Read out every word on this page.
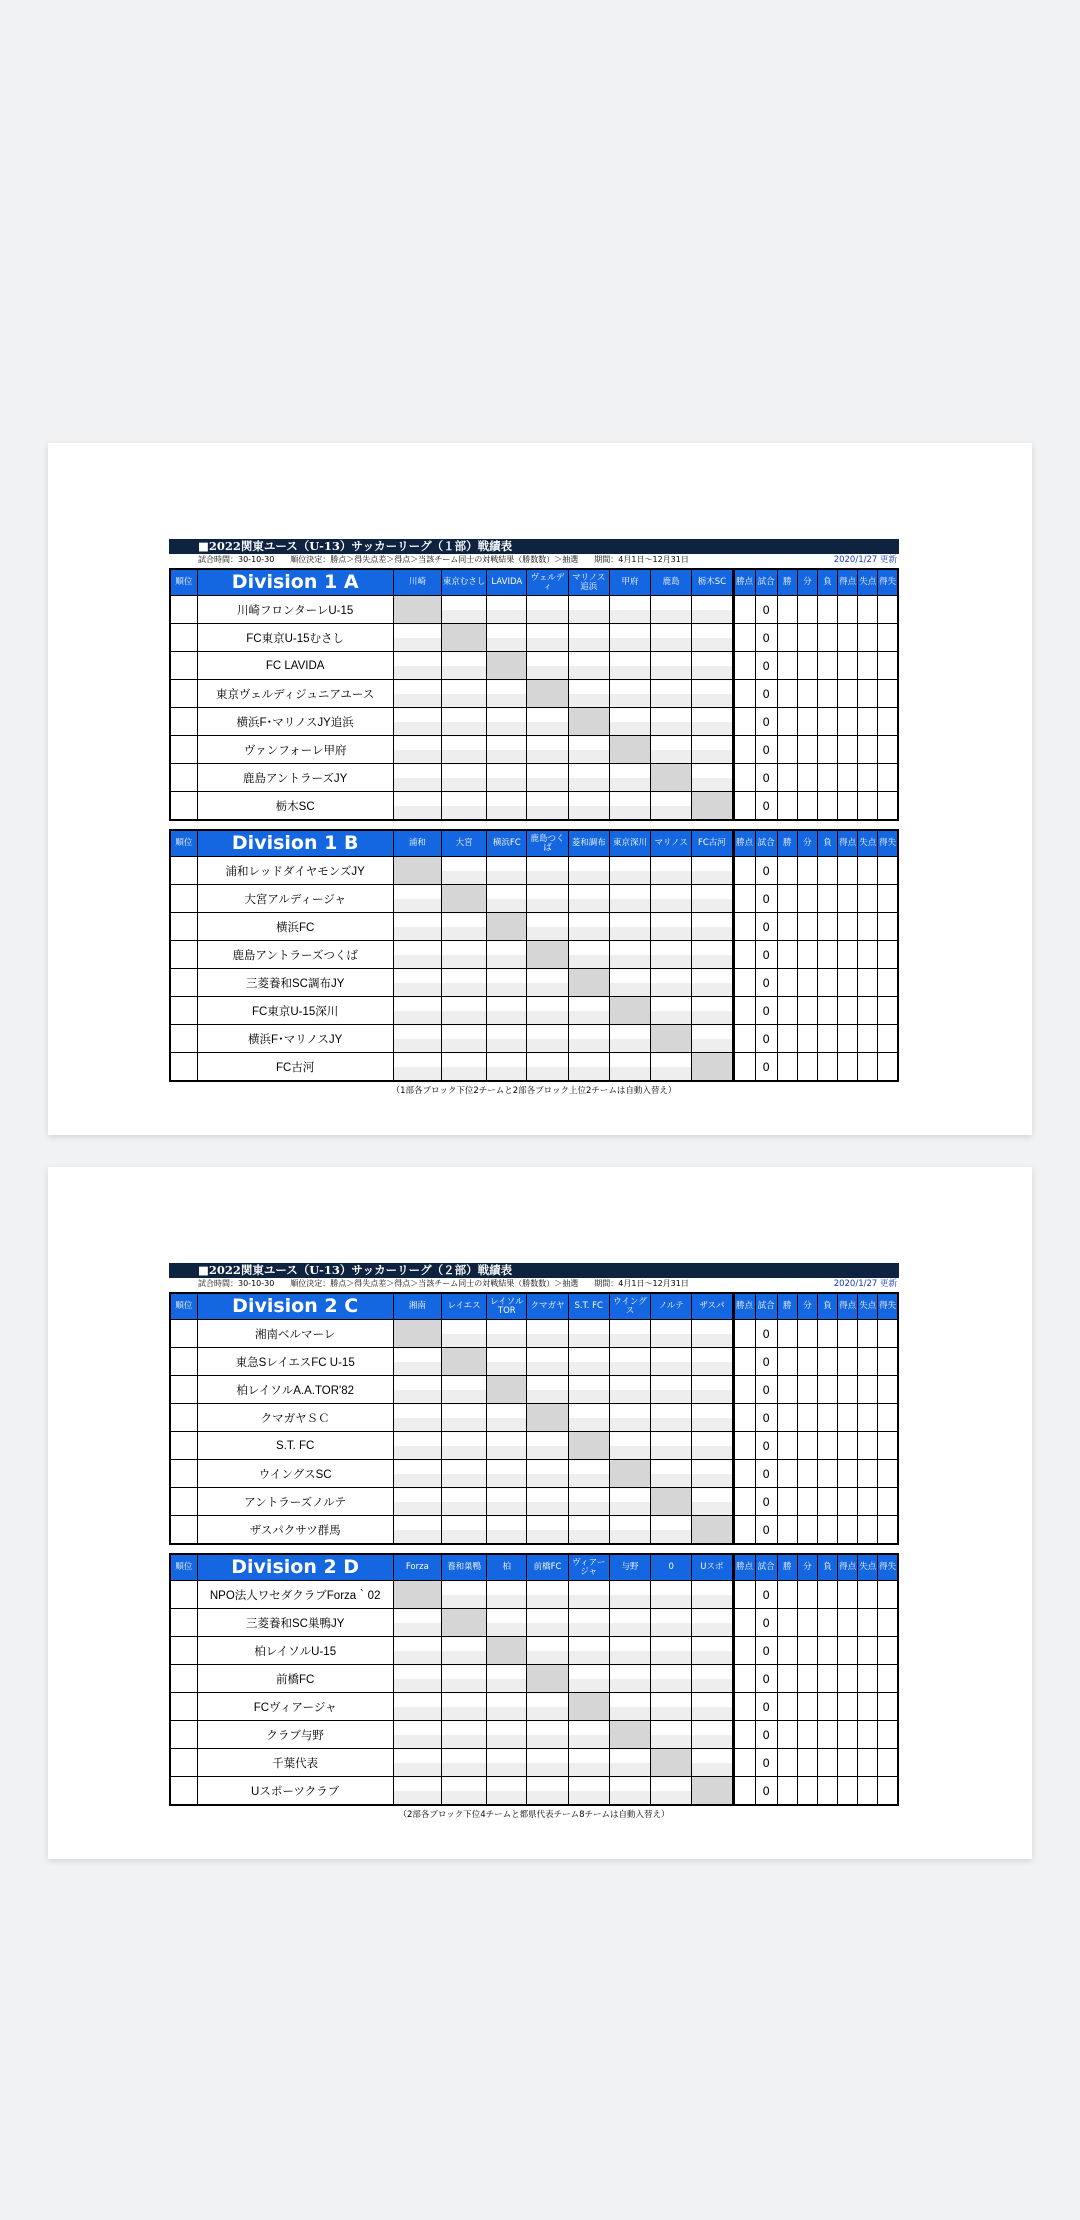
■2022関東ユース（U-13）サッカーリーグ（１部）戦績表
試合時間：30-10-30　　順位決定：勝点＞得失点差＞得点＞当該チーム同士の対戦結果（勝数数）＞抽選　　期間：4月1日～12月31日	2020/1/27 更新
順位	Division 1 A	川崎	東京むさし	LAVIDA	ヴェルディ	マリノス追浜	甲府	鹿島	栃木SC	勝点	試合	勝	分	負	得点	失点	得失
	川崎フロンターレU-15										0						
	FC東京U-15むさし										0						
	FC LAVIDA										0						
	東京ヴェルディジュニアユース										0						
	横浜F･マリノスJY追浜										0						
	ヴァンフォーレ甲府										0						
	鹿島アントラーズJY										0						
	栃木SC										0						
順位	Division 1 B	浦和	大宮	横浜FC	鹿島つくば	菱和調布	東京深川	マリノス	FC古河	勝点	試合	勝	分	負	得点	失点	得失
	浦和レッドダイヤモンズJY										0						
	大宮アルディージャ										0						
	横浜FC										0						
	鹿島アントラーズつくば										0						
	三菱養和SC調布JY										0						
	FC東京U-15深川										0						
	横浜F･マリノスJY										0						
	FC古河										0						
（1部各ブロック下位2チームと2部各ブロック上位2チームは自動入替え）
■2022関東ユース（U-13）サッカーリーグ（２部）戦績表
試合時間：30-10-30　　順位決定：勝点＞得失点差＞得点＞当該チーム同士の対戦結果（勝数数）＞抽選　　期間：4月1日～12月31日	2020/1/27 更新
順位	Division 2 C	湘南	レイエス	レイソルTOR	クマガヤ	S.T. FC	ウイングス	ノルテ	ザスパ	勝点	試合	勝	分	負	得点	失点	得失
	湘南ベルマーレ										0						
	東急SレイエスFC U-15										0						
	柏レイソルA.A.TOR'82										0						
	クマガヤＳＣ										0						
	S.T. FC										0						
	ウイングスSC										0						
	アントラーズノルテ										0						
	ザスパクサツ群馬										0						
順位	Division 2 D	Forza	養和巣鴨	柏	前橋FC	ヴィアージャ	与野	0	Uスポ	勝点	試合	勝	分	負	得点	失点	得失
	NPO法人ワセダクラブForza｀02										0						
	三菱養和SC巣鴨JY										0						
	柏レイソルU-15										0						
	前橋FC										0						
	FCヴィアージャ										0						
	クラブ与野										0						
	千葉代表										0						
	Uスポーツクラブ										0						
（2部各ブロック下位4チームと都県代表チーム8チームは自動入替え）
